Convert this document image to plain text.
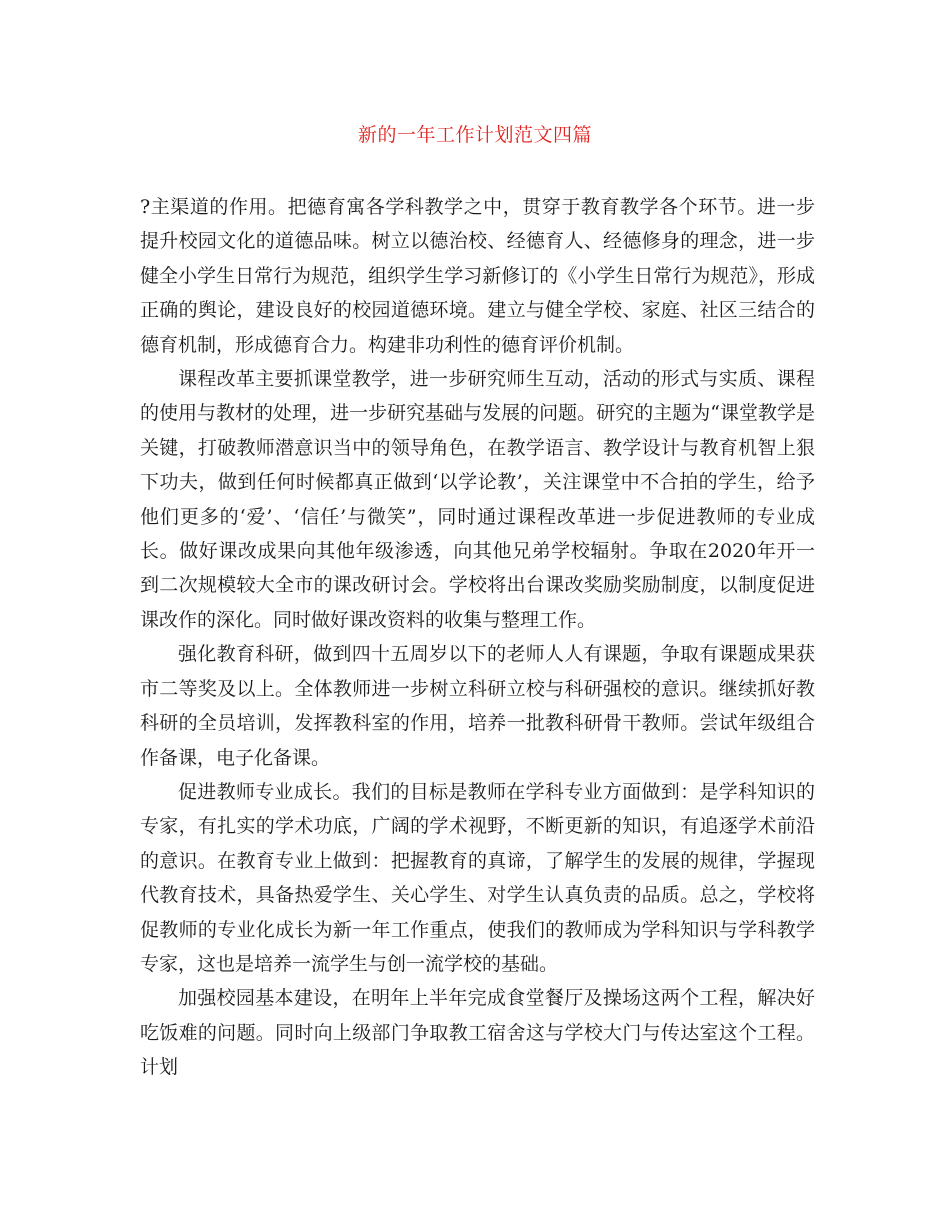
新的一年工作计划范文四篇

?主渠道的作用。把德育寓各学科教学之中，贯穿于教育教学各个环节。进一步提升校园文化的道德品味。树立以德治校、经德育人、经德修身的理念，进一步健全小学生日常行为规范，组织学生学习新修订的《小学生日常行为规范》，形成正确的舆论，建设良好的校园道德环境。建立与健全学校、家庭、社区三结合的德育机制，形成德育合力。构建非功利性的德育评价机制。

课程改革主要抓课堂教学，进一步研究师生互动，活动的形式与实质、课程的使用与教材的处理，进一步研究基础与发展的问题。研究的主题为“课堂教学是关键，打破教师潜意识当中的领导角色，在教学语言、教学设计与教育机智上狠下功夫，做到任何时候都真正做到‘以学论教’，关注课堂中不合拍的学生，给予他们更多的‘爱’、‘信任’与微笑”，同时通过课程改革进一步促进教师的专业成长。做好课改成果向其他年级渗透，向其他兄弟学校辐射。争取在2020年开一到二次规模较大全市的课改研讨会。学校将出台课改奖励奖励制度，以制度促进课改作的深化。同时做好课改资料的收集与整理工作。

强化教育科研，做到四十五周岁以下的老师人人有课题，争取有课题成果获市二等奖及以上。全体教师进一步树立科研立校与科研强校的意识。继续抓好教科研的全员培训，发挥教科室的作用，培养一批教科研骨干教师。尝试年级组合作备课，电子化备课。

促进教师专业成长。我们的目标是教师在学科专业方面做到：是学科知识的专家，有扎实的学术功底，广阔的学术视野，不断更新的知识，有追逐学术前沿的意识。在教育专业上做到：把握教育的真谛，了解学生的发展的规律，学握现代教育技术，具备热爱学生、关心学生、对学生认真负责的品质。总之，学校将促教师的专业化成长为新一年工作重点，使我们的教师成为学科知识与学科教学专家，这也是培养一流学生与创一流学校的基础。

加强校园基本建设，在明年上半年完成食堂餐厅及操场这两个工程，解决好吃饭难的问题。同时向上级部门争取教工宿舍这与学校大门与传达室这个工程。计划
